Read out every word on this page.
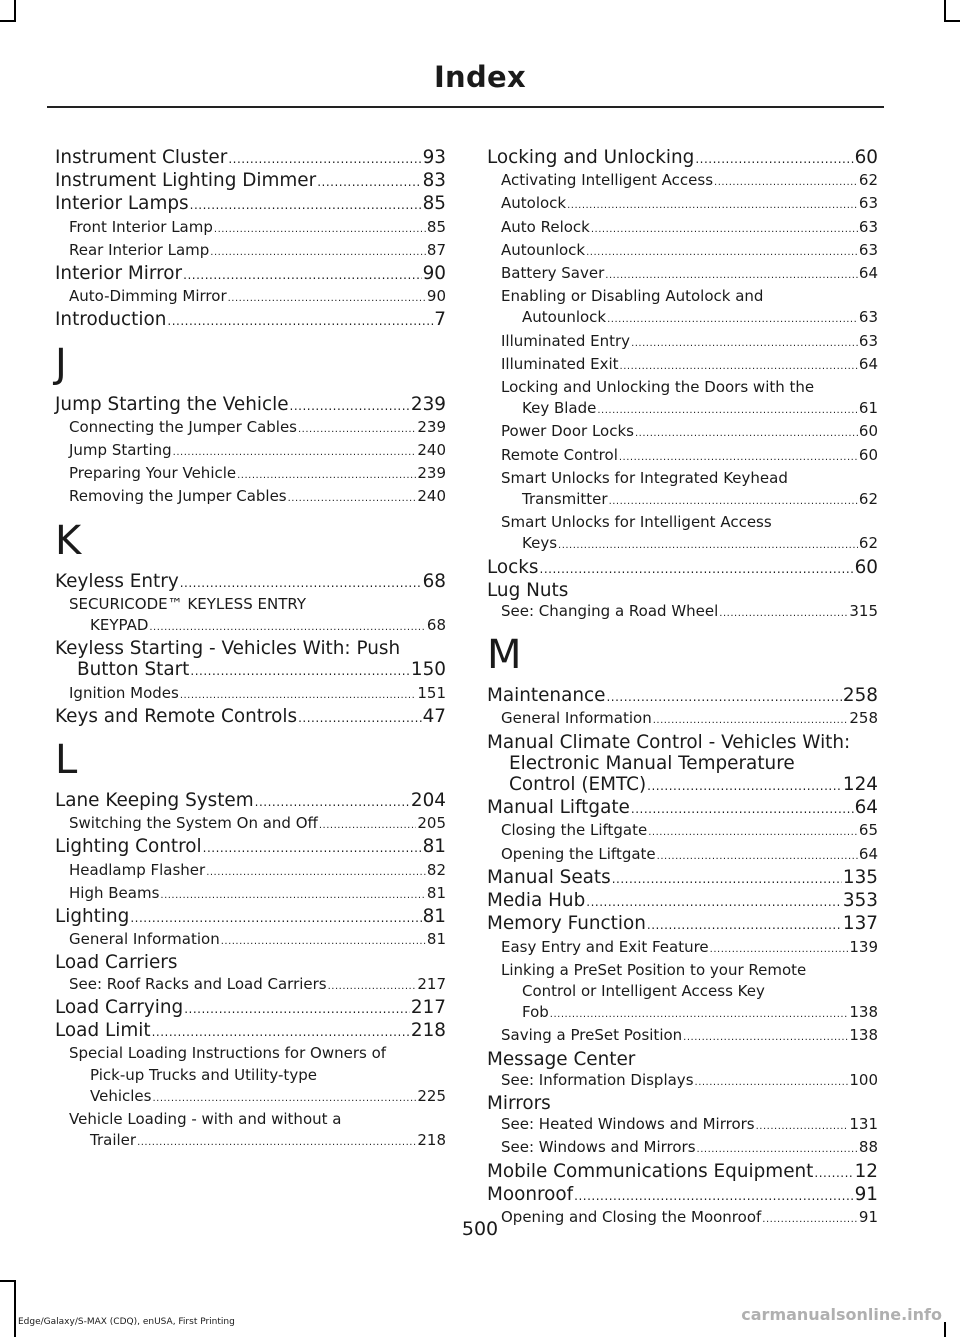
Index
Instrument Cluster .....	93
Instrument Lighting Dimmer .....	83
Interior Lamps .....	85
Front Interior Lamp .....	85
Rear Interior Lamp .....	87
Interior Mirror .....	90
Auto-Dimming Mirror .....	90
Introduction .....	7
J
Jump Starting the Vehicle .....	239
Connecting the Jumper Cables .....	239
Jump Starting .....	240
Preparing Your Vehicle .....	239
Removing the Jumper Cables .....	240
K
Keyless Entry .....	68
SECURICODE™ KEYLESS ENTRY
KEYPAD .....	68
Keyless Starting - Vehicles With: Push
Button Start .....	150
Ignition Modes .....	151
Keys and Remote Controls .....	47
L
Lane Keeping System .....	204
Switching the System On and Off .....	205
Lighting Control .....	81
Headlamp Flasher .....	82
High Beams .....	81
Lighting .....	81
General Information .....	81
Load Carriers
See: Roof Racks and Load Carriers .....	217
Load Carrying .....	217
Load Limit .....	218
Special Loading Instructions for Owners of
Pick-up Trucks and Utility-type
Vehicles .....	225
Vehicle Loading - with and without a
Trailer .....	218
Locking and Unlocking .....	60
Activating Intelligent Access .....	62
Autolock .....	63
Auto Relock .....	63
Autounlock .....	63
Battery Saver .....	64
Enabling or Disabling Autolock and
Autounlock .....	63
Illuminated Entry .....	63
Illuminated Exit .....	64
Locking and Unlocking the Doors with the
Key Blade .....	61
Power Door Locks .....	60
Remote Control .....	60
Smart Unlocks for Integrated Keyhead
Transmitter .....	62
Smart Unlocks for Intelligent Access
Keys .....	62
Locks .....	60
Lug Nuts
See: Changing a Road Wheel .....	315
M
Maintenance .....	258
General Information .....	258
Manual Climate Control - Vehicles With:
Electronic Manual Temperature
Control (EMTC) .....	124
Manual Liftgate .....	64
Closing the Liftgate .....	65
Opening the Liftgate .....	64
Manual Seats .....	135
Media Hub .....	353
Memory Function .....	137
Easy Entry and Exit Feature .....	139
Linking a PreSet Position to your Remote
Control or Intelligent Access Key
Fob .....	138
Saving a PreSet Position .....	138
Message Center
See: Information Displays .....	100
Mirrors
See: Heated Windows and Mirrors .....	131
See: Windows and Mirrors .....	88
Mobile Communications Equipment ..... 12
Moonroof .....	91
Opening and Closing the Moonroof .....	91
500
Edge/Galaxy/S-MAX (CDQ), enUSA, First Printing	carmanualsonline.info
